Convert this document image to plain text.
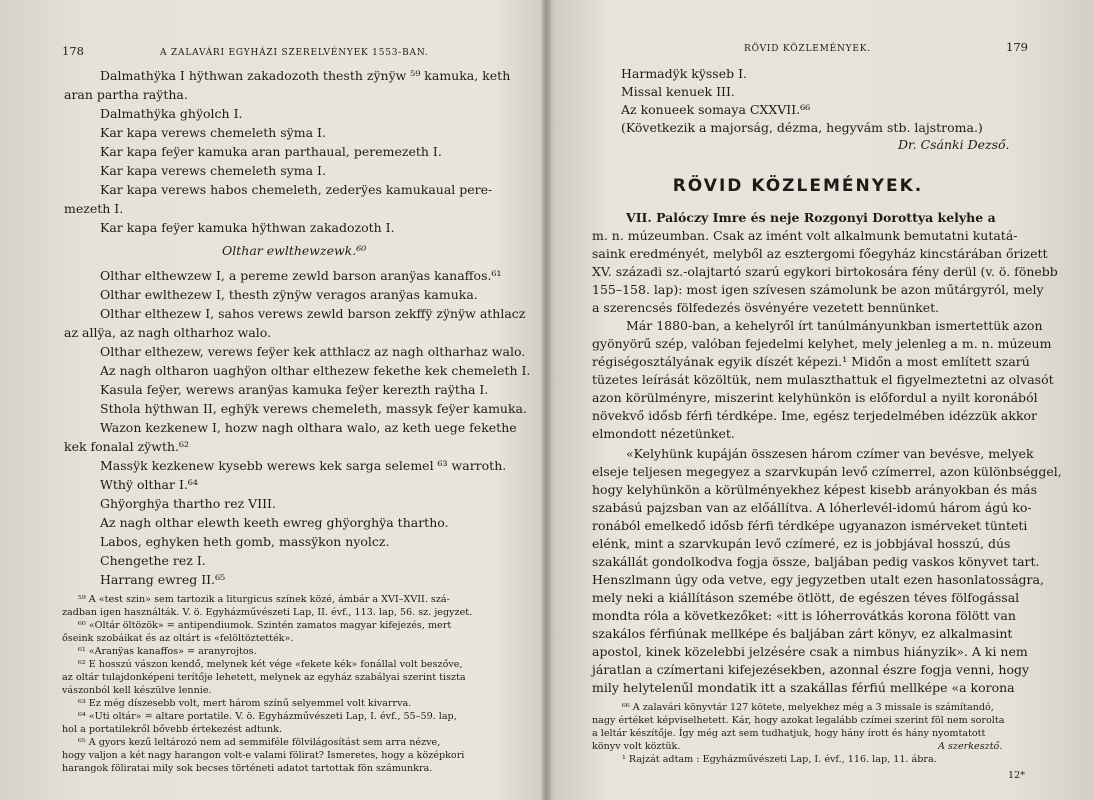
178	A ZALAVÁRI EGYHÁZI SZERELVÉNYEK 1553-BAN.
Dalmathÿka I hÿthwan zakadozoth thesth zÿnÿw ⁵⁹ kamuka, keth
aran partha raÿtha.
Dalmathÿka ghÿolch I.
Kar kapa verews chemeleth sÿma I.
Kar kapa feÿer kamuka aran parthaual, peremezeth I.
Kar kapa verews chemeleth syma I.
Kar kapa verews habos chemeleth, zederÿes kamukaual pere-
mezeth I.
Kar kapa feÿer kamuka hÿthwan zakadozoth I.
Olthar ewlthewzewk.⁶⁰
Olthar elthewzew I, a pereme zewld barson aranÿas kanaffos.⁶¹
Olthar ewlthezew I, thesth zÿnÿw veragos aranÿas kamuka.
Olthar elthezew I, sahos verews zewld barson zekffÿ zÿnÿw athlacz
az allÿa, az nagh oltharhoz walo.
Olthar elthezew, verews feÿer kek atthlacz az nagh oltharhaz walo.
Az nagh oltharon uaghÿon olthar elthezew fekethe kek chemeleth I.
Kasula feÿer, werews aranÿas kamuka feÿer kerezth raÿtha I.
Sthola hÿthwan II, eghÿk verews chemeleth, massyk feÿer kamuka.
Wazon kezkenew I, hozw nagh olthara walo, az keth uege fekethe
kek fonalal zÿwth.⁶²
Massÿk kezkenew kysebb werews kek sarga selemel ⁶³ warroth.
Wthÿ olthar I.⁶⁴
Ghÿorghÿa tharthо rez VIII.
Az nagh olthar elewth keeth ewreg ghÿorghÿa thartho.
Labos, eghyken heth gomb, massÿkon nyolcz.
Chengethe rez I.
Harrang ewreg II.⁶⁵
⁵⁹ A «test szin» sem tartozik a liturgicus színek közé, ámbár a XVI–XVII. szá-
zadban igen használták. V. ö. Egyházművészeti Lap, II. évf., 113. lap, 56. sz. jegyzet.
⁶⁰ «Oltár öltözök» = antipendiumok. Szintén zamatos magyar kifejezés, mert
őseink szobáikat és az oltárt is «felöltöztették».
⁶¹ «Aranÿas kanaffos» = aranyrojtos.
⁶² E hosszú vászon kendő, melynek két vége «fekete kék» fonállal volt beszőve,
az oltár tulajdonképeni terítője lehetett, melynek az egyház szabályai szerint tiszta
vászonból kell készülve lennie.
⁶³ Ez még díszesebb volt, mert három színű selyemmel volt kivarrva.
⁶⁴ «Uti oltár» = altare portatile. V. ö. Egyházművészeti Lap, I. évf., 55–59. lap,
hol a portatilekről bővebb értekezést adtunk.
⁶⁵ A gyors kezű leltározó nem ad semmiféle fölvilágosítást sem arra nézve,
hogy valjon a két nagy harangon volt-e valami fölirat? Ismeretes, hogy a középkori
harangok föliratai mily sok becses történeti adatot tartottak fön számunkra.
RÖVID KÖZLEMÉNYEK.	179
Harmadÿk kÿsseb I.
Missal kenuek III.
Az konueek somaya CXXVII.⁶⁶
(Következik a majorság, dézma, hegyvám stb. lajstroma.)
Dr. Csánki Dezső.
RÖVID KÖZLEMÉNYEK.
VII. Palóczy Imre és neje Rozgonyi Dorottya kelyhe a
m. n. múzeumban. Csak az imént volt alkalmunk bemutatni kutatá-
saink eredményét, melyből az esztergomi főegyház kincstárában őrizett
XV. századi sz.-olajtartó szarú egykori birtokosára fény derül (v. ö. fönebb
155–158. lap): most igen szívesen számolunk be azon műtárgyról, mely
a szerencsés fölfedezés ösvényére vezetett bennünket.
Már 1880-ban, a kehelyről írt tanúlmányunkban ismertettük azon
gyönyörű szép, valóban fejedelmi kelyhet, mely jelenleg a m. n. múzeum
régiségosztályának egyik díszét képezi.¹ Midőn a most említett szarú
tüzetes leírását közöltük, nem mulaszthattuk el figyelmeztetni az olvasót
azon körülményre, miszerint kelyhünkön is előfordul a nyilt koronából
növekvő idősb férfi térdképe. Ime, egész terjedelmében idézzük akkor
elmondott nézetünket.
«Kelyhünk kupáján összesen három czímer van bevésve, melyek
elseje teljesen megegyez a szarvkupán levő czímerrel, azon különbséggel,
hogy kelyhünkön a körülményekhez képest kisebb arányokban és más
szabású pajzsban van az előállítva. A lóherlevél-idomú három ágú ko-
ronából emelkedő idősb férfi térdképe ugyanazon ismérveket tünteti
elénk, mint a szarvkupán levő czímeré, ez is jobbjával hosszú, dús
szakállát gondolkodva fogja össze, baljában pedig vaskos könyvet tart.
Henszlmann úgy oda vetve, egy jegyzetben utalt ezen hasonlatosságra,
mely neki a kiállításon szemébe ötlött, de egészen téves fölfogással
mondta róla a következőket: «itt is lóherrovátkás korona fölött van
szakálos férfiúnak mellképe és baljában zárt könyv, ez alkalmasint
apostol, kinek közelebbi jelzésére csak a nimbus hiányzik». A ki nem
járatlan a czímertani kifejezésekben, azonnal észre fogja venni, hogy
mily helytelenűl mondatik itt a szakállas férfiú mellképe «a korona
⁶⁶ A zalavári könyvtár 127 kötete, melyekhez még a 3 missale is számítandó,
nagy értéket képviselhetett. Kár, hogy azokat legalább czímei szerint föl nem sorolta
a leltár készítője. Így még azt sem tudhatjuk, hogy hány írott és hány nyomtatott
könyv volt köztük.	A szerkesztő.
¹ Rajzát adtam : Egyházművészeti Lap, I. évf., 116. lap, 11. ábra.
12*
